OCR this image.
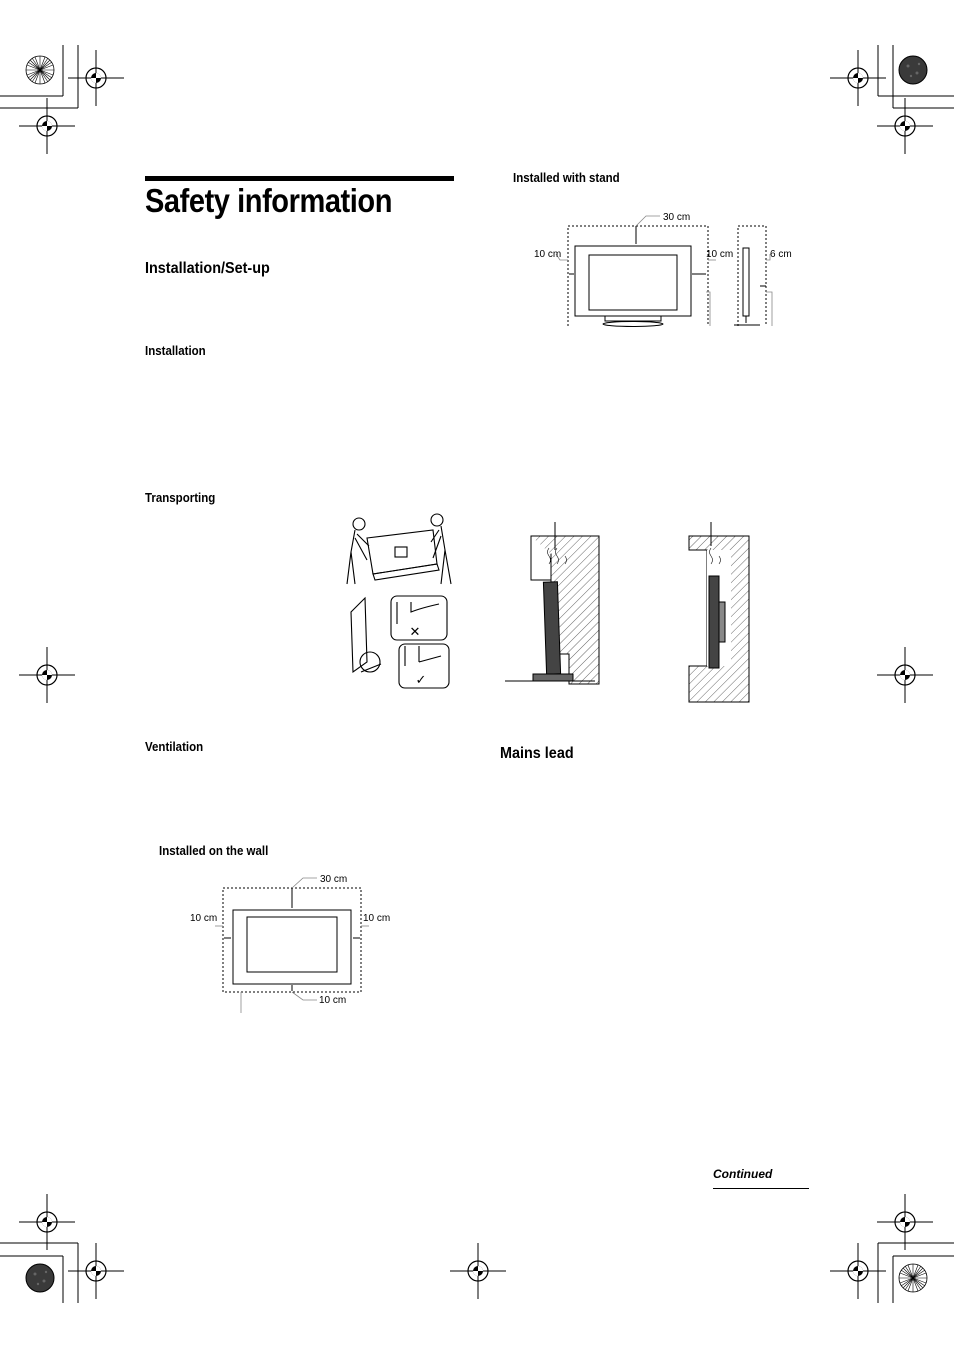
Safety information
Installation/Set-up
Installation
Transporting
Ventilation
Installed on the wall
Installed with stand
Mains lead
✕
✓
30 cm
10 cm	10 cm	6 cm
30 cm
10 cm	10 cm
10 cm
Continued
